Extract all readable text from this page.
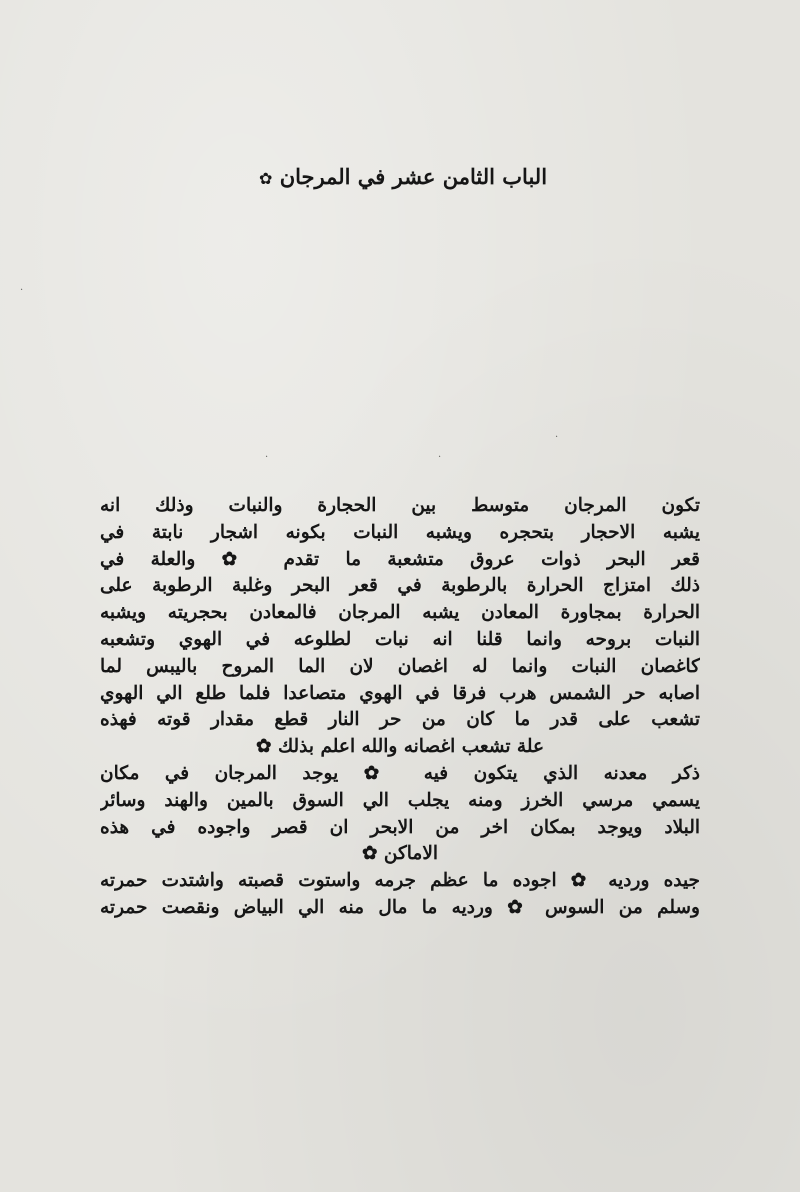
الباب الثامن عشر في المرجان ✿
·
·
·
·
تكون المرجان متوسط بين الحجارة والنبات وذلك انه
يشبه الاحجار بتحجره ويشبه النبات بكونه اشجار نابتة في
قعر البحر ذوات عروق متشعبة ما تقدم ✿ والعلة في
ذلك امتزاج الحرارة بالرطوبة في قعر البحر وغلبة الرطوبة على
الحرارة بمجاورة المعادن يشبه المرجان فالمعادن بحجريته ويشبه
النبات بروحه وانما قلنا انه نبات لطلوعه في الهوي وتشعبه
كاغصان النبات وانما له اغصان لان الما المروح باليبس لما
اصابه حر الشمس هرب فرقا في الهوي متصاعدا فلما طلع الي الهوي
تشعب على قدر ما كان من حر النار قطع مقدار قوته فهذه
علة تشعب اغصانه والله اعلم بذلك ✿
ذكر معدنه الذي يتكون فيه ✿ يوجد المرجان في مكان
يسمي مرسي الخرز ومنه يجلب الي السوق بالمين والهند وسائر
البلاد ويوجد بمكان اخر من الابحر ان قصر واجوده في هذه
الاماكن ✿
جيده ورديه ✿ اجوده ما عظم جرمه واستوت قصبته واشتدت حمرته
وسلم من السوس ✿ ورديه ما مال منه الي البياض ونقصت حمرته
